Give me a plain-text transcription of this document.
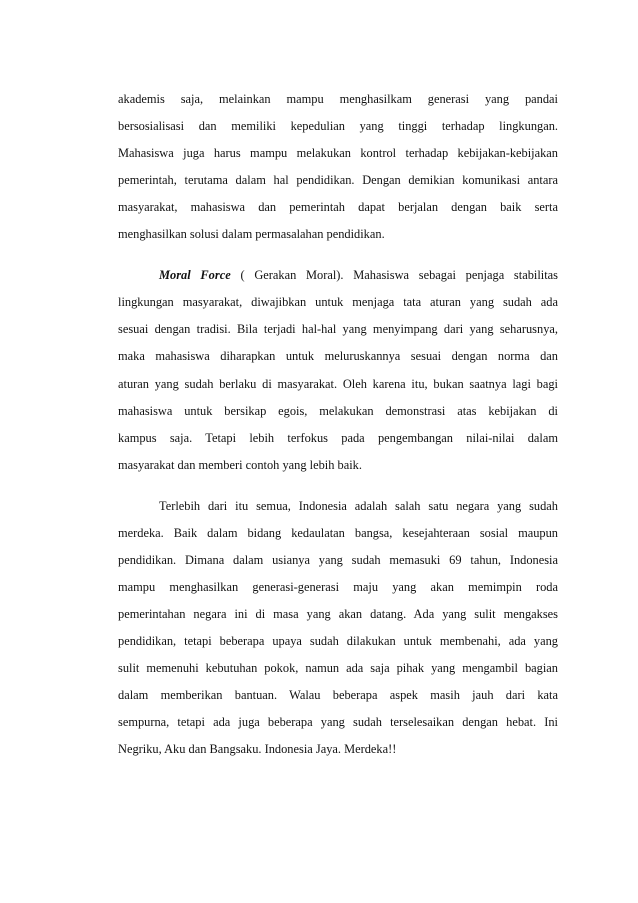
akademis saja, melainkan mampu menghasilkam generasi yang pandai
bersosialisasi dan memiliki kepedulian yang tinggi terhadap lingkungan.
Mahasiswa juga harus mampu melakukan kontrol terhadap kebijakan-kebijakan
pemerintah, terutama dalam hal pendidikan. Dengan demikian komunikasi antara
masyarakat, mahasiswa dan pemerintah dapat berjalan dengan baik serta
menghasilkan solusi dalam permasalahan pendidikan.
Moral Force ( Gerakan Moral). Mahasiswa sebagai penjaga stabilitas
lingkungan masyarakat, diwajibkan untuk menjaga tata aturan yang sudah ada
sesuai dengan tradisi. Bila terjadi hal-hal yang menyimpang dari yang seharusnya,
maka mahasiswa diharapkan untuk meluruskannya sesuai dengan norma dan
aturan yang sudah berlaku di masyarakat. Oleh karena itu, bukan saatnya lagi bagi
mahasiswa untuk bersikap egois, melakukan demonstrasi atas kebijakan di
kampus saja. Tetapi lebih terfokus pada pengembangan nilai-nilai dalam
masyarakat dan memberi contoh yang lebih baik.
Terlebih dari itu semua, Indonesia adalah salah satu negara yang sudah
merdeka. Baik dalam bidang kedaulatan bangsa, kesejahteraan sosial maupun
pendidikan. Dimana dalam usianya yang sudah memasuki 69 tahun, Indonesia
mampu menghasilkan generasi-generasi maju yang akan memimpin roda
pemerintahan negara ini di masa yang akan datang. Ada yang sulit mengakses
pendidikan, tetapi beberapa upaya sudah dilakukan untuk membenahi, ada yang
sulit memenuhi kebutuhan pokok, namun ada saja pihak yang mengambil bagian
dalam memberikan bantuan. Walau beberapa aspek masih jauh dari kata
sempurna, tetapi ada juga beberapa yang sudah terselesaikan dengan hebat. Ini
Negriku, Aku dan Bangsaku. Indonesia Jaya. Merdeka!!
